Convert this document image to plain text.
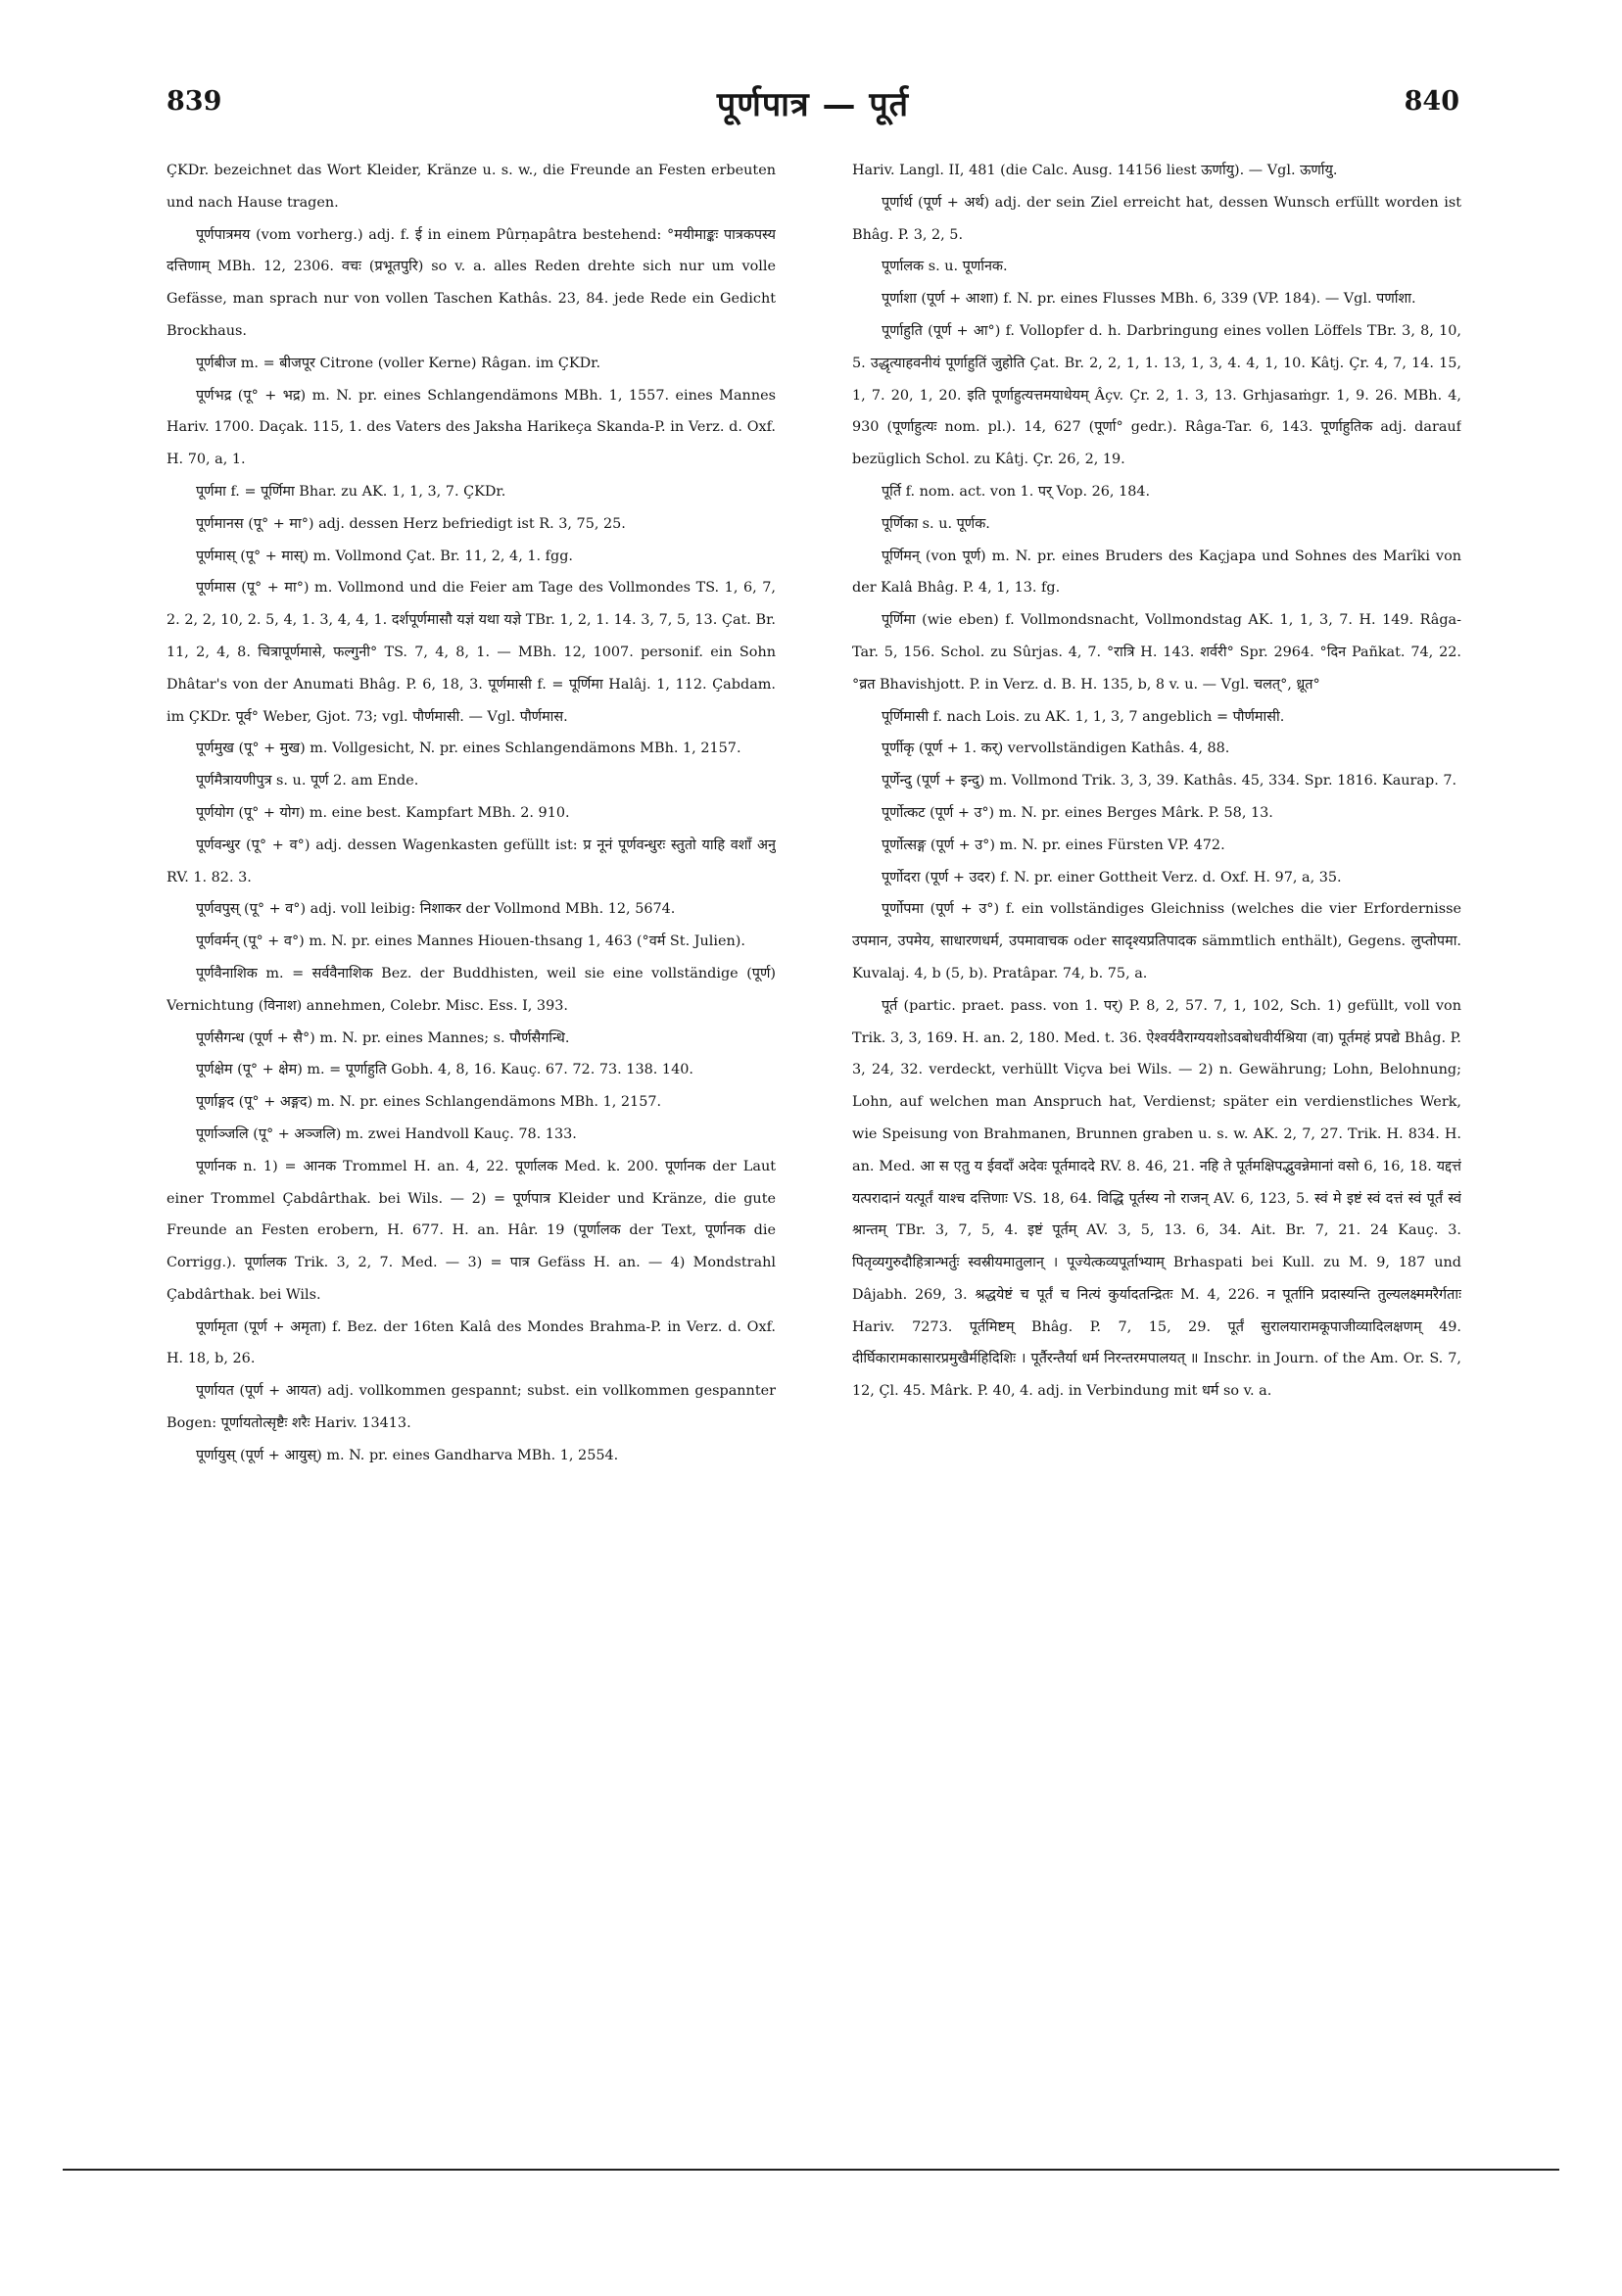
839	पूर्णपात्र — पूर्त	840

ÇKDr. bezeichnet das Wort Kleider, Kränze u. s. w., die Freunde an Festen erbeuten und nach Hause tragen.

पूर्णपात्रमय (vom vorherg.) adj. f. ई in einem Pûrṇapâtra bestehend: °मयीमाङ्कः पात्रकपस्य दत्तिणाम् MBh. 12, 2306. वचः (प्रभूतपुरि) so v. a. alles Reden drehte sich nur um volle Gefässe, man sprach nur von vollen Taschen Kathâs. 23, 84. jede Rede ein Gedicht Brockhaus.

पूर्णबीज m. = बीजपूर Citrone (voller Kerne) Râgan. im ÇKDr.

पूर्णभद्र (पू° + भद्र) m. N. pr. eines Schlangendämons MBh. 1, 1557. eines Mannes Hariv. 1700. Daçak. 115, 1. des Vaters des Jaksha Harikeça Skanda-P. in Verz. d. Oxf. H. 70, a, 1.

पूर्णमा f. = पूर्णिमा Bhar. zu AK. 1, 1, 3, 7. ÇKDr.

पूर्णमानस (पू° + मा°) adj. dessen Herz befriedigt ist R. 3, 75, 25.

पूर्णमास् (पू° + मास्) m. Vollmond Çat. Br. 11, 2, 4, 1. fgg.

पूर्णमास (पू° + मा°) m. Vollmond und die Feier am Tage des Vollmondes TS. 1, 6, 7, 2. 2, 2, 10, 2. 5, 4, 1. 3, 4, 4, 1. दर्शपूर्णमासौ यज्ञं यथा यज्ञे TBr. 1, 2, 1. 14. 3, 7, 5, 13. Çat. Br. 11, 2, 4, 8. चित्रापूर्णमासे, फल्गुनी° TS. 7, 4, 8, 1. — MBh. 12, 1007. personif. ein Sohn Dhâtar's von der Anumati Bhâg. P. 6, 18, 3. पूर्णमासी f. = पूर्णिमा Halâj. 1, 112. Çabdam. im ÇKDr. पूर्व° Weber, Gjot. 73; vgl. पौर्णमासी. — Vgl. पौर्णमास.

पूर्णमुख (पू° + मुख) m. Vollgesicht, N. pr. eines Schlangendämons MBh. 1, 2157.

पूर्णमैत्रायणीपुत्र s. u. पूर्ण 2. am Ende.

पूर्णयोग (पू° + योग) m. eine best. Kampfart MBh. 2. 910.

पूर्णवन्धुर (पू° + व°) adj. dessen Wagenkasten gefüllt ist: प्र नूनं पूर्णवन्धुरः स्तुतो याहि वशाँ अनु RV. 1. 82. 3.

पूर्णवपुस् (पू° + व°) adj. voll leibig: निशाकर der Vollmond MBh. 12, 5674.

पूर्णवर्मन् (पू° + व°) m. N. pr. eines Mannes Hiouen-thsang 1, 463 (°वर्म St. Julien).

पूर्णवैनाशिक m. = सर्ववैनाशिक Bez. der Buddhisten, weil sie eine vollständige (पूर्ण) Vernichtung (विनाश) annehmen, Colebr. Misc. Ess. I, 393.

पूर्णसैगन्ध (पूर्ण + सै°) m. N. pr. eines Mannes; s. पौर्णसैगन्धि.

पूर्णक्षेम (पू° + क्षेम) m. = पूर्णाहुति Gobh. 4, 8, 16. Kauç. 67. 72. 73. 138. 140.

पूर्णाङ्गद (पू° + अङ्गद) m. N. pr. eines Schlangendämons MBh. 1, 2157.

पूर्णाञ्जलि (पू° + अञ्जलि) m. zwei Handvoll Kauç. 78. 133.

पूर्णानक n. 1) = आनक Trommel H. an. 4, 22. पूर्णालक Med. k. 200. पूर्णानक der Laut einer Trommel Çabdârthak. bei Wils. — 2) = पूर्णपात्र Kleider und Kränze, die gute Freunde an Festen erobern, H. 677. H. an. Hâr. 19 (पूर्णालक der Text, पूर्णानक die Corrigg.). पूर्णालक Trik. 3, 2, 7. Med. — 3) = पात्र Gefäss H. an. — 4) Mondstrahl Çabdârthak. bei Wils.

पूर्णामृता (पूर्ण + अमृता) f. Bez. der 16ten Kalâ des Mondes Brahma-P. in Verz. d. Oxf. H. 18, b, 26.

पूर्णायत (पूर्ण + आयत) adj. vollkommen gespannt; subst. ein vollkommen gespannter Bogen: पूर्णायतोत्सृष्टैः शरैः Hariv. 13413.

पूर्णायुस् (पूर्ण + आयुस्) m. N. pr. eines Gandharva MBh. 1, 2554.

Hariv. Langl. II, 481 (die Calc. Ausg. 14156 liest ऊर्णायु). — Vgl. ऊर्णायु.

पूर्णार्थ (पूर्ण + अर्थ) adj. der sein Ziel erreicht hat, dessen Wunsch erfüllt worden ist Bhâg. P. 3, 2, 5.

पूर्णालक s. u. पूर्णानक.

पूर्णाशा (पूर्ण + आशा) f. N. pr. eines Flusses MBh. 6, 339 (VP. 184). — Vgl. पर्णाशा.

पूर्णाहुति (पूर्ण + आ°) f. Vollopfer d. h. Darbringung eines vollen Löffels TBr. 3, 8, 10, 5. उद्धृत्याहवनीयं पूर्णाहुतिं जुहोति Çat. Br. 2, 2, 1, 1. 13, 1, 3, 4. 4, 1, 10. Kâtj. Çr. 4, 7, 14. 15, 1, 7. 20, 1, 20. इति पूर्णाहुत्यत्तमयाधेयम् Âçv. Çr. 2, 1. 3, 13. Grhjasaṁgr. 1, 9. 26. MBh. 4, 930 (पूर्णाहुत्यः nom. pl.). 14, 627 (पूर्णा° gedr.). Râga-Tar. 6, 143. पूर्णाहुतिक adj. darauf bezüglich Schol. zu Kâtj. Çr. 26, 2, 19.

पूर्ति f. nom. act. von 1. पर् Vop. 26, 184.

पूर्णिका s. u. पूर्णक.

पूर्णिमन् (von पूर्ण) m. N. pr. eines Bruders des Kaçjapa und Sohnes des Marîki von der Kalâ Bhâg. P. 4, 1, 13. fg.

पूर्णिमा (wie eben) f. Vollmondsnacht, Vollmondstag AK. 1, 1, 3, 7. H. 149. Râga-Tar. 5, 156. Schol. zu Sûrjas. 4, 7. °रात्रि H. 143. शर्वरी° Spr. 2964. °दिन Pañkat. 74, 22. °व्रत Bhavishjott. P. in Verz. d. B. H. 135, b, 8 v. u. — Vgl. चलत्°, ध्रूत°

पूर्णिमासी f. nach Lois. zu AK. 1, 1, 3, 7 angeblich = पौर्णमासी.

पूर्णीकृ (पूर्ण + 1. कर्) vervollständigen Kathâs. 4, 88.

पूर्णेन्दु (पूर्ण + इन्दु) m. Vollmond Trik. 3, 3, 39. Kathâs. 45, 334. Spr. 1816. Kaurap. 7.

पूर्णोत्कट (पूर्ण + उ°) m. N. pr. eines Berges Mârk. P. 58, 13.

पूर्णोत्सङ्ग (पूर्ण + उ°) m. N. pr. eines Fürsten VP. 472.

पूर्णोदरा (पूर्ण + उदर) f. N. pr. einer Gottheit Verz. d. Oxf. H. 97, a, 35.

पूर्णोपमा (पूर्ण + उ°) f. ein vollständiges Gleichniss (welches die vier Erfordernisse उपमान, उपमेय, साधारणधर्म, उपमावाचक oder सादृश्यप्रतिपादक sämmtlich enthält), Gegens. लुप्तोपमा. Kuvalaj. 4, b (5, b). Pratâpar. 74, b. 75, a.

पूर्त (partic. praet. pass. von 1. पर्) P. 8, 2, 57. 7, 1, 102, Sch. 1) gefüllt, voll von Trik. 3, 3, 169. H. an. 2, 180. Med. t. 36. ऐश्वर्यवैराग्ययशोऽवबोधवीर्यश्रिया (वा) पूर्तमहं प्रपद्ये Bhâg. P. 3, 24, 32. verdeckt, verhüllt Viçva bei Wils. — 2) n. Gewährung; Lohn, Belohnung; Lohn, auf welchen man Anspruch hat, Verdienst; später ein verdienstliches Werk, wie Speisung von Brahmanen, Brunnen graben u. s. w. AK. 2, 7, 27. Trik. H. 834. H. an. Med. आ स एतु य ईवदाँ अदेवः पूर्तमाददे RV. 8. 46, 21. नहि ते पूर्तमक्षिपद्भुवन्नेमानां वसो 6, 16, 18. यद्दत्तं यत्परादानं यत्पूर्तं याश्च दत्तिणाः VS. 18, 64. विद्धि पूर्तस्य नो राजन् AV. 6, 123, 5. स्वं मे इष्टं स्वं दत्तं स्वं पूर्तं स्वं श्रान्तम् TBr. 3, 7, 5, 4. इष्टं पूर्तम् AV. 3, 5, 13. 6, 34. Ait. Br. 7, 21. 24 Kauç. 3. पितृव्यगुरुदौहित्रान्भर्तुः स्वस्रीयमातुलान् । पूज्येत्कव्यपूर्ताभ्याम् Brhaspati bei Kull. zu M. 9, 187 und Dâjabh. 269, 3. श्रद्धयेष्टं च पूर्तं च नित्यं कुर्यादतन्द्रितः M. 4, 226. न पूर्तानि प्रदास्यन्ति तुल्यलक्ष्ममरैर्गताः Hariv. 7273. पूर्तमिष्टम् Bhâg. P. 7, 15, 29. पूर्तं सुरालयारामकूपाजीव्यादिलक्षणम् 49. दीर्घिकारामकासारप्रमुखैर्महिदिशिः । पूर्तैरन्तैर्या धर्म निरन्तरमपालयत् ॥ Inschr. in Journ. of the Am. Or. S. 7, 12, Çl. 45. Mârk. P. 40, 4. adj. in Verbindung mit धर्म so v. a.
